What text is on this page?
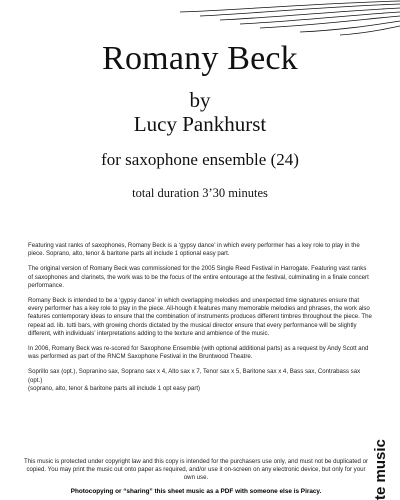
Romany Beck
by
Lucy Pankhurst
for saxophone ensemble (24)
total duration 3’30 minutes

Featuring vast ranks of saxophones, Romany Beck is a ‘gypsy dance’ in which every performer has a key role to play in the piece. Soprano, alto, tenor & baritone parts all include 1 optional easy part.

The original version of Romany Beck was commissioned for the 2005 Single Reed Festival in Harrogate. Featuring vast ranks of saxophones and clarinets, the work was to be the focus of the entire entourage at the festival, culminating in a finale concert performance.

Romany Beck is intended to be a ‘gypsy dance’ in which overlapping melodies and unexpected time signatures ensure that every performer has a key role to play in the piece. All-hough it features many memorable melodies and phrases, the work also features contemporary ideas to ensure that the combination of instruments produces different timbres throughout the piece. The repeat ad. lib. tutti bars, with growing chords dictated by the musical director ensure that every performance will be slightly different, with individuals’ interpretations adding to the texture and ambience of the music.

In 2006, Romany Beck was re-scored for Saxophone Ensemble (with optional additional parts) as a request by Andy Scott and was performed as part of the RNCM Saxophone Festival in the Bruntwood Theatre.

Soprillo sax (opt.), Sopranino sax, Soprano sax x 4, Alto sax x 7, Tenor sax x 5, Baritone sax x 4, Bass sax, Contrabass sax (opt.)

(soprano, alto, tenor & baritone parts all include 1 opt easy part)

This music is protected under copyright law and this copy is intended for the purchasers use only, and must not be duplicated or copied. You may print the music out onto paper as required, and/or use it on-screen on any electronic device, but only for your own use.
Photocopying or “sharing” this sheet music as a PDF with someone else is Piracy.	te music
